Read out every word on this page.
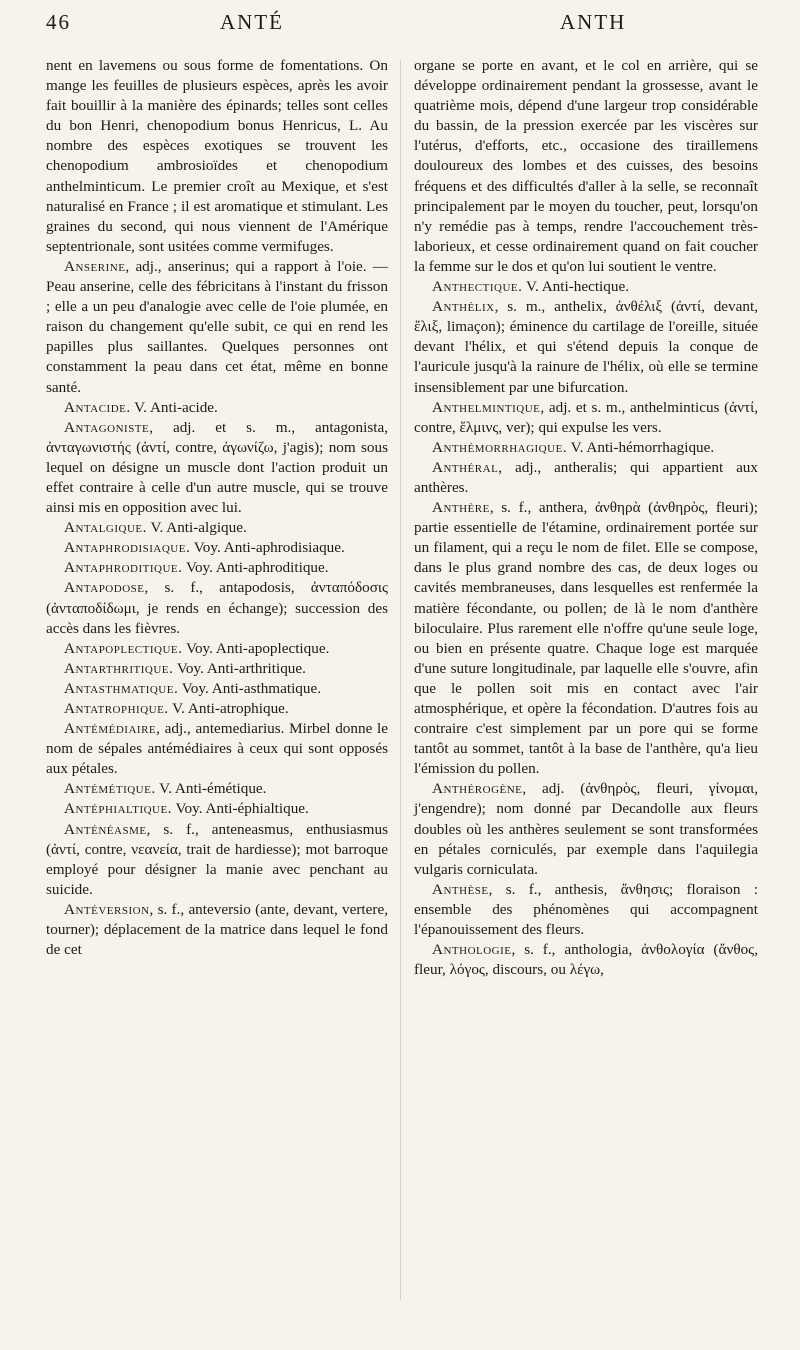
46	ANTÉ	ANTH

nent en lavemens ou sous forme de fomentations. On mange les feuilles de plusieurs espèces, après les avoir fait bouillir à la manière des épinards; telles sont celles du bon Henri, chenopodium bonus Henricus, L. Au nombre des espèces exotiques se trouvent les chenopodium ambrosioïdes et chenopodium anthelminticum. Le premier croît au Mexique, et s'est naturalisé en France ; il est aromatique et stimulant. Les graines du second, qui nous viennent de l'Amérique septentrionale, sont usitées comme vermifuges.

Anserine, adj., anserinus; qui a rapport à l'oie. — Peau anserine, celle des fébricitans à l'instant du frisson ; elle a un peu d'analogie avec celle de l'oie plumée, en raison du changement qu'elle subit, ce qui en rend les papilles plus saillantes. Quelques personnes ont constamment la peau dans cet état, même en bonne santé.

Antacide. V. Anti-acide.

Antagoniste, adj. et s. m., antagonista, ἀνταγωνιστής (ἀντί, contre, ἀγωνίζω, j'agis); nom sous lequel on désigne un muscle dont l'action produit un effet contraire à celle d'un autre muscle, qui se trouve ainsi mis en opposition avec lui.

Antalgique. V. Anti-algique.

Antaphrodisiaque. Voy. Anti-aphrodisiaque.

Antaphroditique. Voy. Anti-aphroditique.

Antapodose, s. f., antapodosis, ἀνταπόδοσις (ἀνταποδίδωμι, je rends en échange); succession des accès dans les fièvres.

Antapoplectique. Voy. Anti-apoplectique.

Antarthritique. Voy. Anti-arthritique.

Antasthmatique. Voy. Anti-asthmatique.

Antatrophique. V. Anti-atrophique.

Antémédiaire, adj., antemediarius. Mirbel donne le nom de sépales antémédiaires à ceux qui sont opposés aux pétales.

Antémétique. V. Anti-émétique.

Antéphialtique. Voy. Anti-éphialtique.

Anténéasme, s. f., anteneasmus, enthusiasmus (ἀντί, contre, νεανεία, trait de hardiesse); mot barroque employé pour désigner la manie avec penchant au suicide.

Antéversion, s. f., anteversio (ante, devant, vertere, tourner); déplacement de la matrice dans lequel le fond de cet

organe se porte en avant, et le col en arrière, qui se développe ordinairement pendant la grossesse, avant le quatrième mois, dépend d'une largeur trop considérable du bassin, de la pression exercée par les viscères sur l'utérus, d'efforts, etc., occasione des tiraillemens douloureux des lombes et des cuisses, des besoins fréquens et des difficultés d'aller à la selle, se reconnaît principalement par le moyen du toucher, peut, lorsqu'on n'y remédie pas à temps, rendre l'accouchement très-laborieux, et cesse ordinairement quand on fait coucher la femme sur le dos et qu'on lui soutient le ventre.

Anthectique. V. Anti-hectique.

Anthélix, s. m., anthelix, ἀνθέλιξ (ἀντί, devant, ἕλιξ, limaçon); éminence du cartilage de l'oreille, située devant l'hélix, et qui s'étend depuis la conque de l'auricule jusqu'à la rainure de l'hélix, où elle se termine insensiblement par une bifurcation.

Anthelmintique, adj. et s. m., anthelminticus (ἀντί, contre, ἕλμινς, ver); qui expulse les vers.

Anthémorrhagique. V. Anti-hémorrhagique.

Anthéral, adj., antheralis; qui appartient aux anthères.

Anthère, s. f., anthera, ἀνθηρὰ (ἀνθηρὸς, fleuri); partie essentielle de l'étamine, ordinairement portée sur un filament, qui a reçu le nom de filet. Elle se compose, dans le plus grand nombre des cas, de deux loges ou cavités membraneuses, dans lesquelles est renfermée la matière fécondante, ou pollen; de là le nom d'anthère biloculaire. Plus rarement elle n'offre qu'une seule loge, ou bien en présente quatre. Chaque loge est marquée d'une suture longitudinale, par laquelle elle s'ouvre, afin que le pollen soit mis en contact avec l'air atmosphérique, et opère la fécondation. D'autres fois au contraire c'est simplement par un pore qui se forme tantôt au sommet, tantôt à la base de l'anthère, qu'a lieu l'émission du pollen.

Anthérogène, adj. (ἀνθηρὸς, fleuri, γίνομαι, j'engendre); nom donné par Decandolle aux fleurs doubles où les anthères seulement se sont transformées en pétales corniculés, par exemple dans l'aquilegia vulgaris corniculata.

Anthèse, s. f., anthesis, ἄνθησις; floraison : ensemble des phénomènes qui accompagnent l'épanouissement des fleurs.

Anthologie, s. f., anthologia, ἀνθολογία (ἄνθος, fleur, λόγος, discours, ou λέγω,
